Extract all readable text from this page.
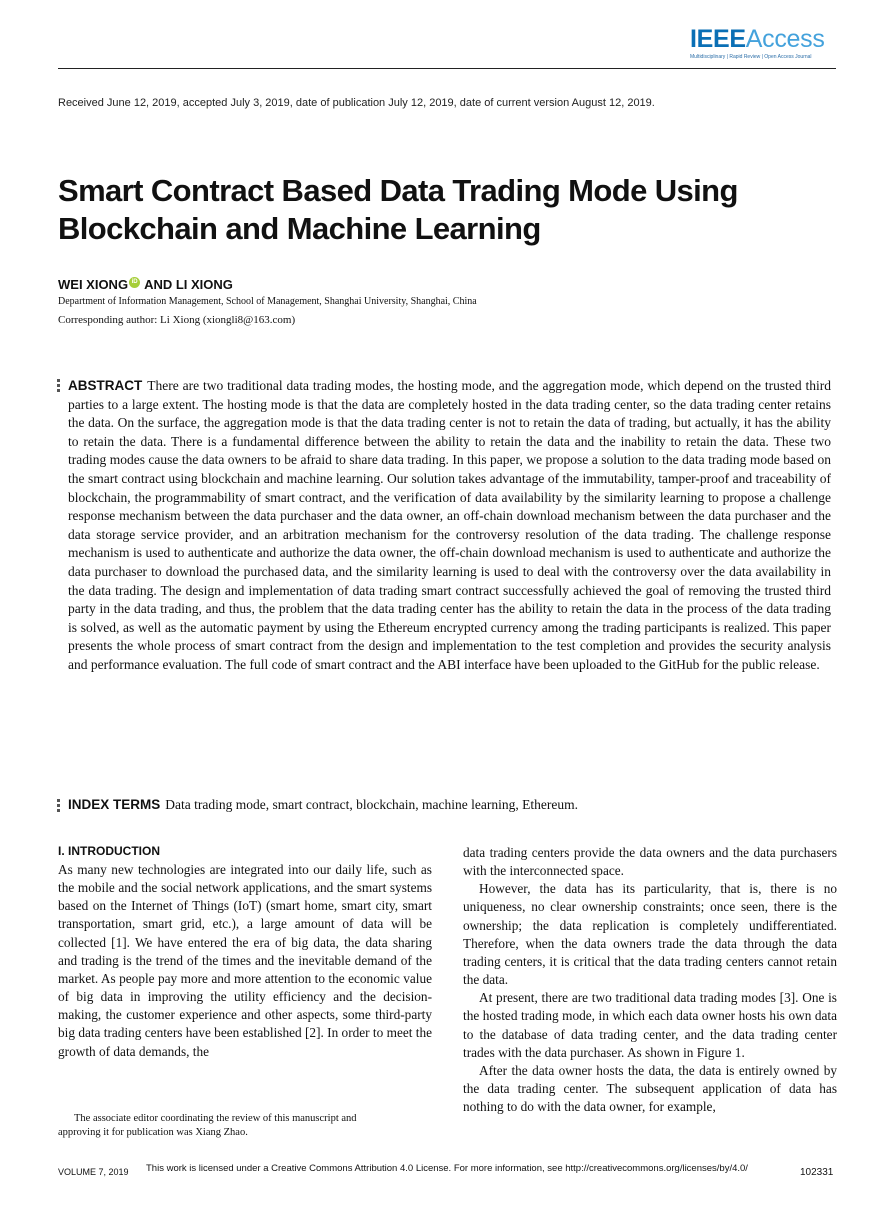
IEEEAccess
Multidisciplinary | Rapid Review | Open Access Journal
Received June 12, 2019, accepted July 3, 2019, date of publication July 12, 2019, date of current version August 12, 2019.
Smart Contract Based Data Trading Mode Using Blockchain and Machine Learning
WEI XIONG iD AND LI XIONG
Department of Information Management, School of Management, Shanghai University, Shanghai, China
Corresponding author: Li Xiong (xiongli8@163.com)
ABSTRACT There are two traditional data trading modes, the hosting mode, and the aggregation mode, which depend on the trusted third parties to a large extent. The hosting mode is that the data are completely hosted in the data trading center, so the data trading center retains the data. On the surface, the aggregation mode is that the data trading center is not to retain the data of trading, but actually, it has the ability to retain the data. There is a fundamental difference between the ability to retain the data and the inability to retain the data. These two trading modes cause the data owners to be afraid to share data trading. In this paper, we propose a solution to the data trading mode based on the smart contract using blockchain and machine learning. Our solution takes advantage of the immutability, tamper-proof and traceability of blockchain, the programmability of smart contract, and the verification of data availability by the similarity learning to propose a challenge response mechanism between the data purchaser and the data owner, an off-chain download mechanism between the data purchaser and the data storage service provider, and an arbitration mechanism for the controversy resolution of the data trading. The challenge response mechanism is used to authenticate and authorize the data owner, the off-chain download mechanism is used to authenticate and authorize the data purchaser to download the purchased data, and the similarity learning is used to deal with the controversy over the data availability in the data trading. The design and implementation of data trading smart contract successfully achieved the goal of removing the trusted third party in the data trading, and thus, the problem that the data trading center has the ability to retain the data in the process of the data trading is solved, as well as the automatic payment by using the Ethereum encrypted currency among the trading participants is realized. This paper presents the whole process of smart contract from the design and implementation to the test completion and provides the security analysis and performance evaluation. The full code of smart contract and the ABI interface have been uploaded to the GitHub for the public release.
INDEX TERMS Data trading mode, smart contract, blockchain, machine learning, Ethereum.
I. INTRODUCTION

As many new technologies are integrated into our daily life, such as the mobile and the social network applications, and the smart systems based on the Internet of Things (IoT) (smart home, smart city, smart transportation, smart grid, etc.), a large amount of data will be collected [1]. We have entered the era of big data, the data sharing and trading is the trend of the times and the inevitable demand of the market. As people pay more and more attention to the economic value of big data in improving the utility efficiency and the decision-making, the customer experience and other aspects, some third-party big data trading centers have been established [2]. In order to meet the growth of data demands, the

data trading centers provide the data owners and the data purchasers with the interconnected space.

However, the data has its particularity, that is, there is no uniqueness, no clear ownership constraints; once seen, there is the ownership; the data replication is completely undifferentiated. Therefore, when the data owners trade the data through the data trading centers, it is critical that the data trading centers cannot retain the data.

At present, there are two traditional data trading modes [3]. One is the hosted trading mode, in which each data owner hosts his own data to the database of data trading center, and the data trading center trades with the data purchaser. As shown in Figure 1.

After the data owner hosts the data, the data is entirely owned by the data trading center. The subsequent application of data has nothing to do with the data owner, for example,

The associate editor coordinating the review of this manuscript and
approving it for publication was Xiang Zhao.
VOLUME 7, 2019 This work is licensed under a Creative Commons Attribution 4.0 License. For more information, see http://creativecommons.org/licenses/by/4.0/	102331
